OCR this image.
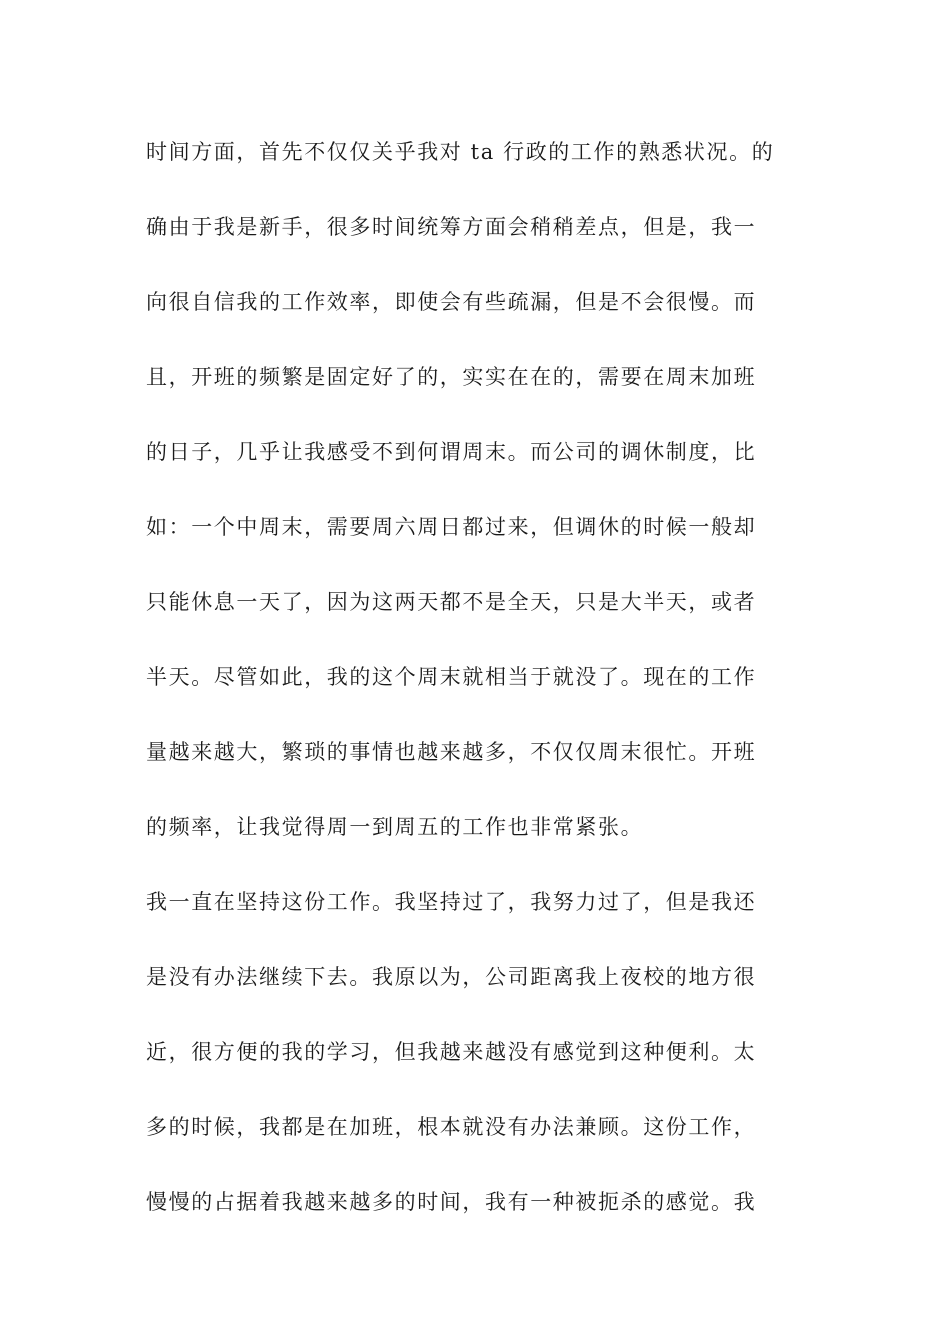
时间方面，首先不仅仅关乎我对 ta 行政的工作的熟悉状况。的
确由于我是新手，很多时间统筹方面会稍稍差点，但是，我一
向很自信我的工作效率，即使会有些疏漏，但是不会很慢。而
且，开班的频繁是固定好了的，实实在在的，需要在周末加班
的日子，几乎让我感受不到何谓周末。而公司的调休制度，比
如：一个中周末，需要周六周日都过来，但调休的时候一般却
只能休息一天了，因为这两天都不是全天，只是大半天，或者
半天。尽管如此，我的这个周末就相当于就没了。现在的工作
量越来越大，繁琐的事情也越来越多，不仅仅周末很忙。开班
的频率，让我觉得周一到周五的工作也非常紧张。
我一直在坚持这份工作。我坚持过了，我努力过了，但是我还
是没有办法继续下去。我原以为，公司距离我上夜校的地方很
近，很方便的我的学习，但我越来越没有感觉到这种便利。太
多的时候，我都是在加班，根本就没有办法兼顾。这份工作，
慢慢的占据着我越来越多的时间，我有一种被扼杀的感觉。我
